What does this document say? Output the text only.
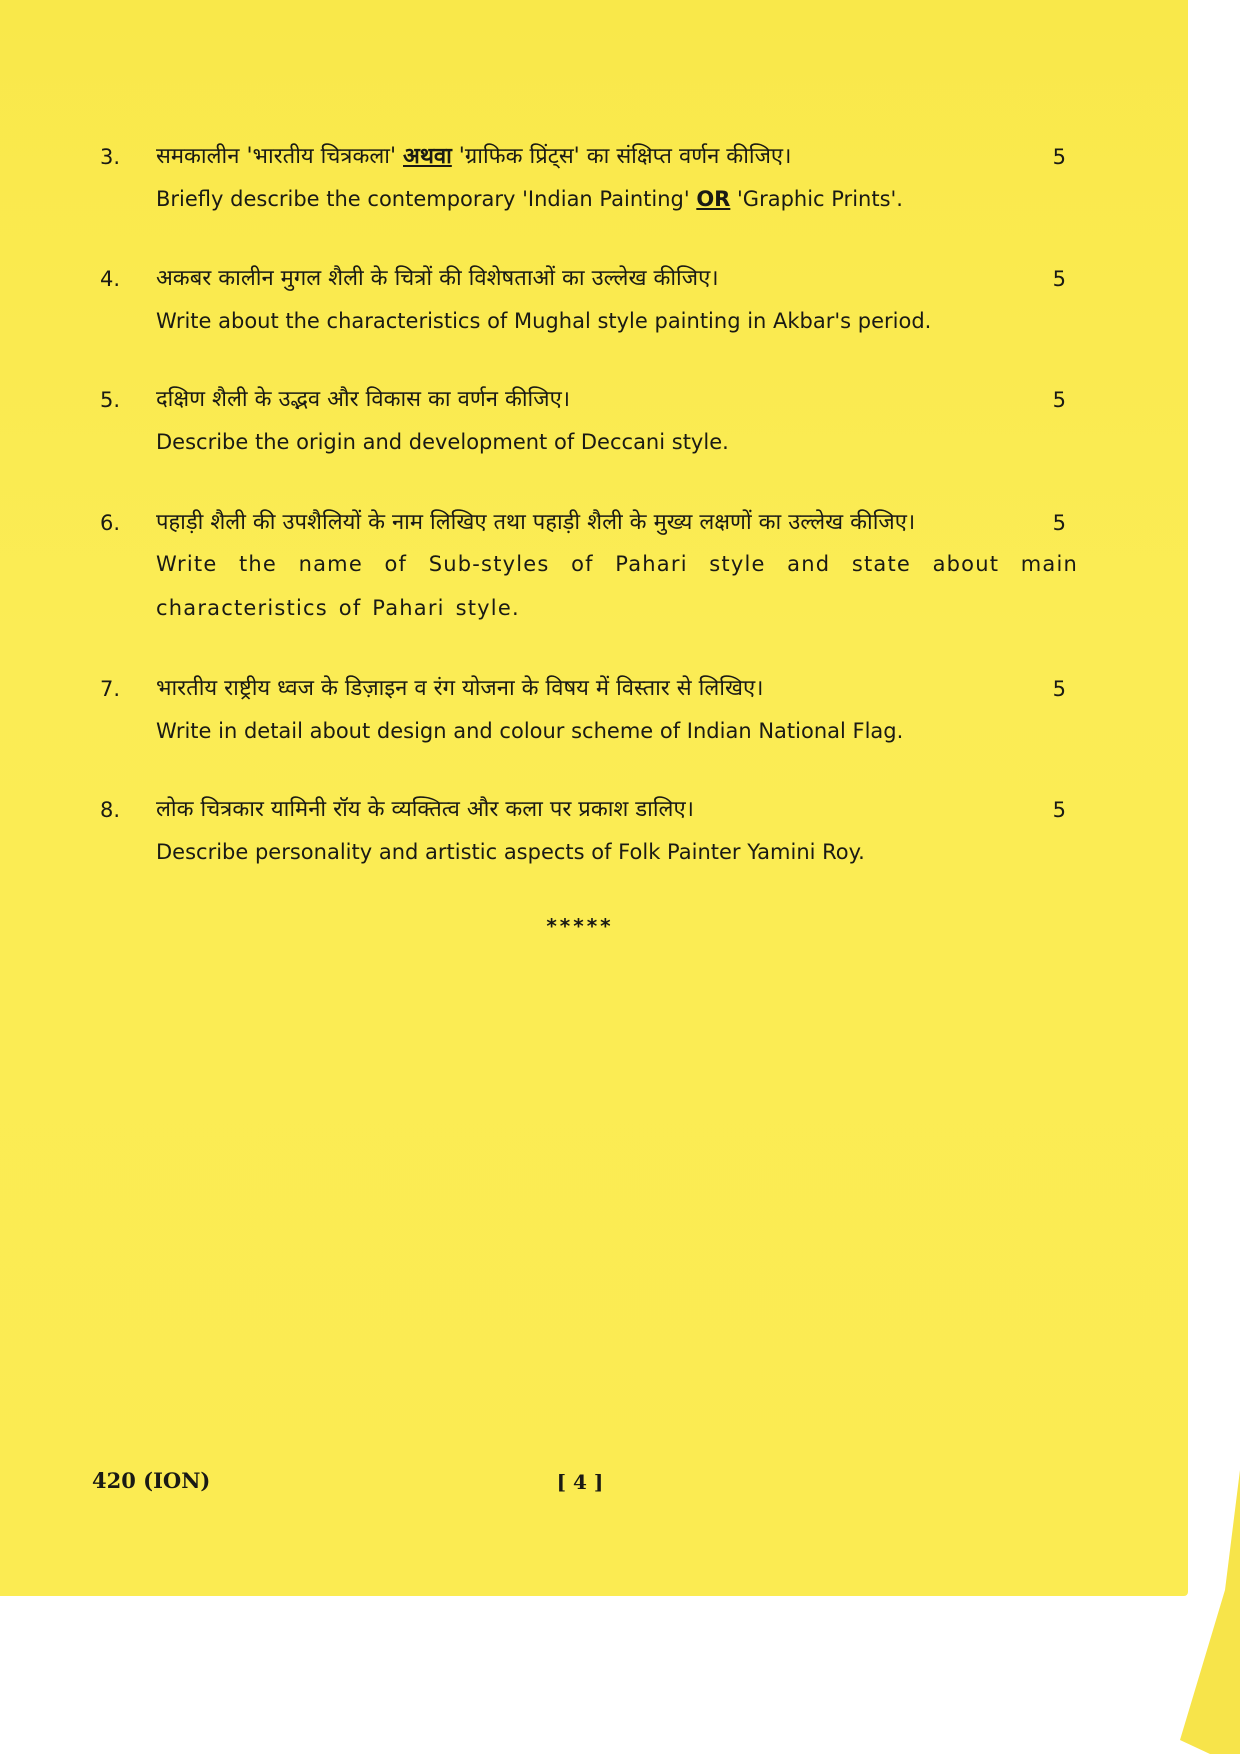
3.	समकालीन 'भारतीय चित्रकला' अथवा 'ग्राफिक प्रिंट्स' का संक्षिप्त वर्णन कीजिए।
Briefly describe the contemporary 'Indian Painting' OR 'Graphic Prints'.
5
4.	अकबर कालीन मुगल शैली के चित्रों की विशेषताओं का उल्लेख कीजिए।
Write about the characteristics of Mughal style painting in Akbar's period.
5
5.	दक्षिण शैली के उद्भव और विकास का वर्णन कीजिए।
Describe the origin and development of Deccani style.
5
6.	पहाड़ी शैली की उपशैलियों के नाम लिखिए तथा पहाड़ी शैली के मुख्य लक्षणों का उल्लेख कीजिए।
Write the name of Sub-styles of Pahari style and state about main characteristics of Pahari style.
5
7.	भारतीय राष्ट्रीय ध्वज के डिज़ाइन व रंग योजना के विषय में विस्तार से लिखिए।
Write in detail about design and colour scheme of Indian National Flag.
5
8.	लोक चित्रकार यामिनी रॉय के व्यक्तित्व और कला पर प्रकाश डालिए।
Describe personality and artistic aspects of Folk Painter Yamini Roy.
5
*****
420 (ION)	[ 4 ]
